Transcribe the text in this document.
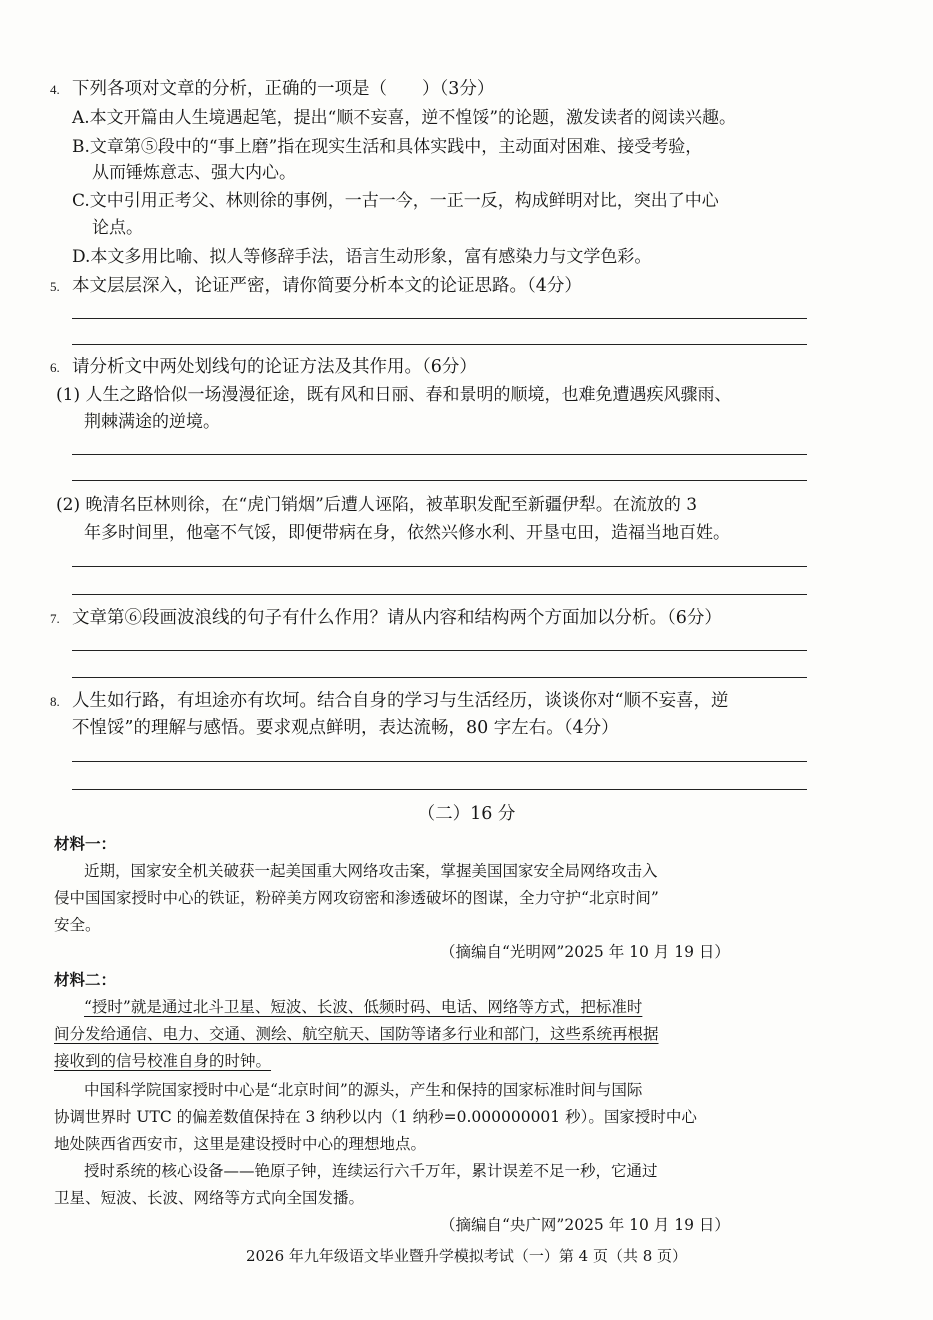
4. 下列各项对文章的分析，正确的一项是（　　）（3分）
A.本文开篇由人生境遇起笔，提出“顺不妄喜，逆不惶馁”的论题，激发读者的阅读兴趣。
B.文章第⑤段中的“事上磨”指在现实生活和具体实践中，主动面对困难、接受考验，
从而锤炼意志、强大内心。
C.文中引用正考父、林则徐的事例，一古一今，一正一反，构成鲜明对比，突出了中心
论点。
D.本文多用比喻、拟人等修辞手法，语言生动形象，富有感染力与文学色彩。
5. 本文层层深入，论证严密，请你简要分析本文的论证思路。（4分）
6. 请分析文中两处划线句的论证方法及其作用。（6分）
(1) 人生之路恰似一场漫漫征途，既有风和日丽、春和景明的顺境，也难免遭遇疾风骤雨、
荆棘满途的逆境。
(2) 晚清名臣林则徐，在“虎门销烟”后遭人诬陷，被革职发配至新疆伊犁。在流放的 3
年多时间里，他毫不气馁，即便带病在身，依然兴修水利、开垦屯田，造福当地百姓。
7. 文章第⑥段画波浪线的句子有什么作用？请从内容和结构两个方面加以分析。（6分）
8. 人生如行路，有坦途亦有坎坷。结合自身的学习与生活经历，谈谈你对“顺不妄喜，逆
不惶馁”的理解与感悟。要求观点鲜明，表达流畅，80 字左右。（4分）
（二）16 分
材料一：
近期，国家安全机关破获一起美国重大网络攻击案，掌握美国国家安全局网络攻击入
侵中国国家授时中心的铁证，粉碎美方网攻窃密和渗透破坏的图谋，全力守护“北京时间”
安全。
（摘编自“光明网”2025 年 10 月 19 日）
材料二：
“授时”就是通过北斗卫星、短波、长波、低频时码、电话、网络等方式，把标准时
间分发给通信、电力、交通、测绘、航空航天、国防等诸多行业和部门，这些系统再根据
接收到的信号校准自身的时钟。
中国科学院国家授时中心是“北京时间”的源头，产生和保持的国家标准时间与国际
协调世界时 UTC 的偏差数值保持在 3 纳秒以内（1 纳秒=0.000000001 秒）。国家授时中心
地处陕西省西安市，这里是建设授时中心的理想地点。
授时系统的核心设备——铯原子钟，连续运行六千万年，累计误差不足一秒，它通过
卫星、短波、长波、网络等方式向全国发播。
（摘编自“央广网”2025 年 10 月 19 日）
2026 年九年级语文毕业暨升学模拟考试（一）第 4 页（共 8 页）
